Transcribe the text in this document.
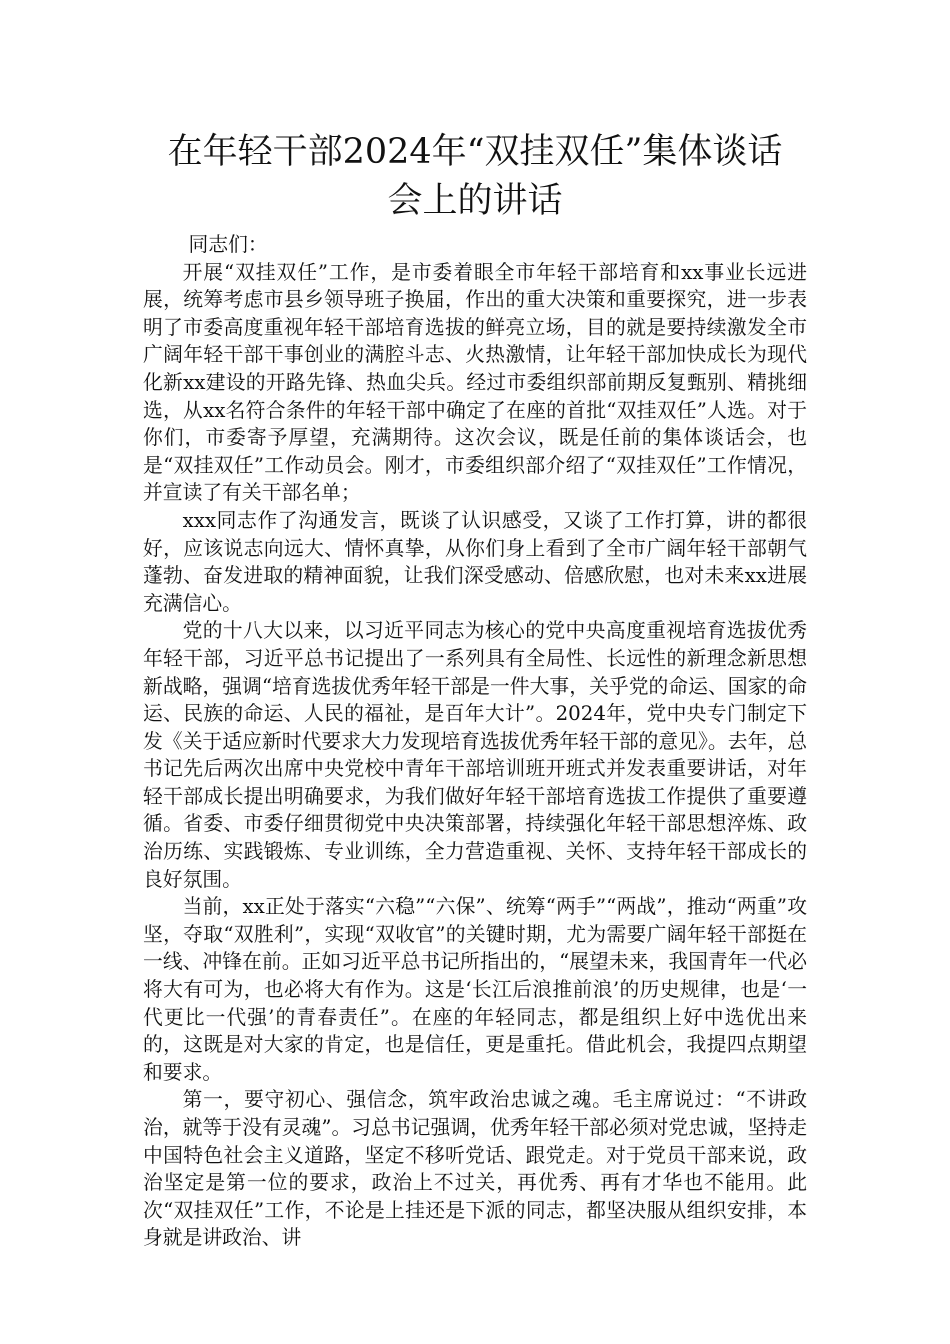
在年轻干部2024年“双挂双任”集体谈话
会上的讲话

同志们：

开展“双挂双任”工作，是市委着眼全市年轻干部培育和xx事业长远进展，统筹考虑市县乡领导班子换届，作出的重大决策和重要探究，进一步表明了市委高度重视年轻干部培育选拔的鲜亮立场，目的就是要持续激发全市广阔年轻干部干事创业的满腔斗志、火热激情，让年轻干部加快成长为现代化新xx建设的开路先锋、热血尖兵。经过市委组织部前期反复甄别、精挑细选，从xx名符合条件的年轻干部中确定了在座的首批“双挂双任”人选。对于你们，市委寄予厚望，充满期待。这次会议，既是任前的集体谈话会，也是“双挂双任”工作动员会。刚才，市委组织部介绍了“双挂双任”工作情况，并宣读了有关干部名单；

xxx同志作了沟通发言，既谈了认识感受，又谈了工作打算，讲的都很好，应该说志向远大、情怀真挚，从你们身上看到了全市广阔年轻干部朝气蓬勃、奋发进取的精神面貌，让我们深受感动、倍感欣慰，也对未来xx进展充满信心。

党的十八大以来，以习近平同志为核心的党中央高度重视培育选拔优秀年轻干部，习近平总书记提出了一系列具有全局性、长远性的新理念新思想新战略，强调“培育选拔优秀年轻干部是一件大事，关乎党的命运、国家的命运、民族的命运、人民的福祉，是百年大计”。2024年，党中央专门制定下发《关于适应新时代要求大力发现培育选拔优秀年轻干部的意见》。去年，总书记先后两次出席中央党校中青年干部培训班开班式并发表重要讲话，对年轻干部成长提出明确要求，为我们做好年轻干部培育选拔工作提供了重要遵循。省委、市委仔细贯彻党中央决策部署，持续强化年轻干部思想淬炼、政治历练、实践锻炼、专业训练，全力营造重视、关怀、支持年轻干部成长的良好氛围。

当前，xx正处于落实“六稳”“六保”、统筹“两手”“两战”，推动“两重”攻坚，夺取“双胜利”，实现“双收官”的关键时期，尤为需要广阔年轻干部挺在一线、冲锋在前。正如习近平总书记所指出的，“展望未来，我国青年一代必将大有可为，也必将大有作为。这是‘长江后浪推前浪’的历史规律，也是‘一代更比一代强’的青春责任”。在座的年轻同志，都是组织上好中选优出来的，这既是对大家的肯定，也是信任，更是重托。借此机会，我提四点期望和要求。

第一，要守初心、强信念，筑牢政治忠诚之魂。毛主席说过：“不讲政治，就等于没有灵魂”。习总书记强调，优秀年轻干部必须对党忠诚，坚持走中国特色社会主义道路，坚定不移听党话、跟党走。对于党员干部来说，政治坚定是第一位的要求，政治上不过关，再优秀、再有才华也不能用。此次“双挂双任”工作，不论是上挂还是下派的同志，都坚决服从组织安排，本身就是讲政治、讲
